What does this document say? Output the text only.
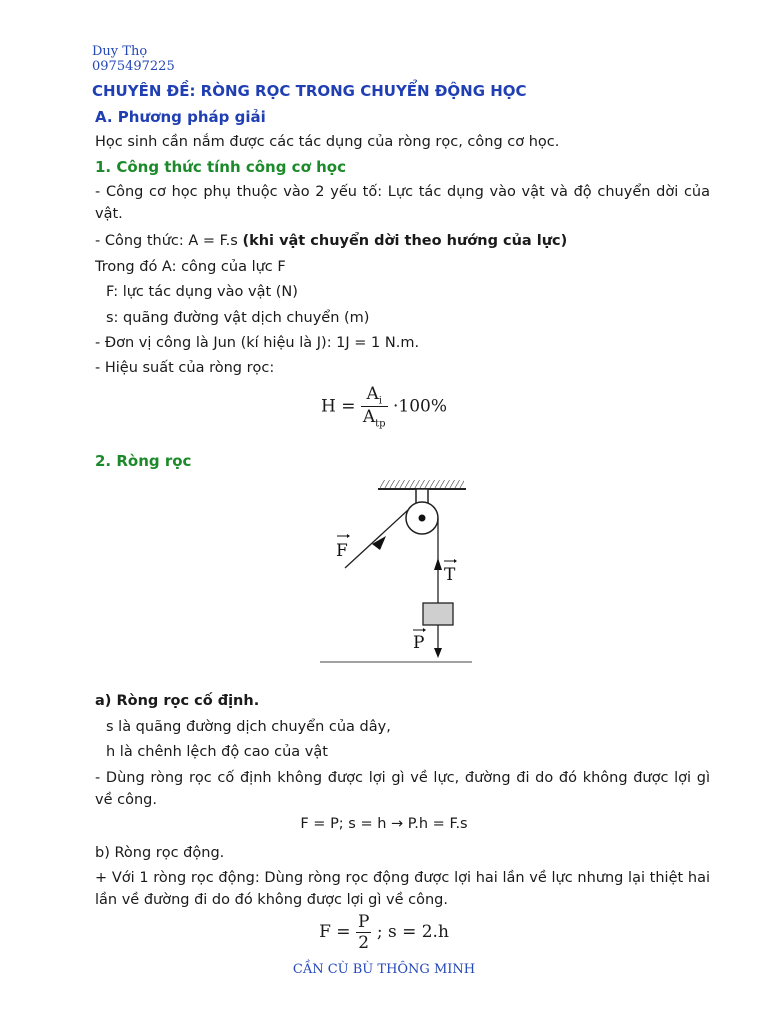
Duy Thọ
0975497225
CHUYÊN ĐỀ: RÒNG RỌC TRONG CHUYỂN ĐỘNG HỌC
A. Phương pháp giải
Học sinh cần nắm được các tác dụng của ròng rọc, công cơ học.
1. Công thức tính công cơ học
- Công cơ học phụ thuộc vào 2 yếu tố: Lực tác dụng vào vật và độ chuyển dời của vật.
- Công thức: A = F.s (khi vật chuyển dời theo hướng của lực)
Trong đó A: công của lực F
F: lực tác dụng vào vật (N)
s: quãng đường vật dịch chuyển (m)
- Đơn vị công là Jun (kí hiệu là J): 1J = 1 N.m.
- Hiệu suất của ròng rọc:
$H = \frac{A_i}{A_{tp}} \cdot 100\%$
2. Ròng rọc
F
T
P
a) Ròng rọc cố định.
s là quãng đường dịch chuyển của dây,
h là chênh lệch độ cao của vật
- Dùng ròng rọc cố định không được lợi gì về lực, đường đi do đó không được lợi gì về công.
F = P; s = h → P.h = F.s
b) Ròng rọc động.
+ Với 1 ròng rọc động: Dùng ròng rọc động được lợi hai lần về lực nhưng lại thiệt hai lần về đường đi do đó không được lợi gì về công.
$F = \frac{P}{2}$ ; s = 2.h
CẦN CÙ BÙ THÔNG MINH
